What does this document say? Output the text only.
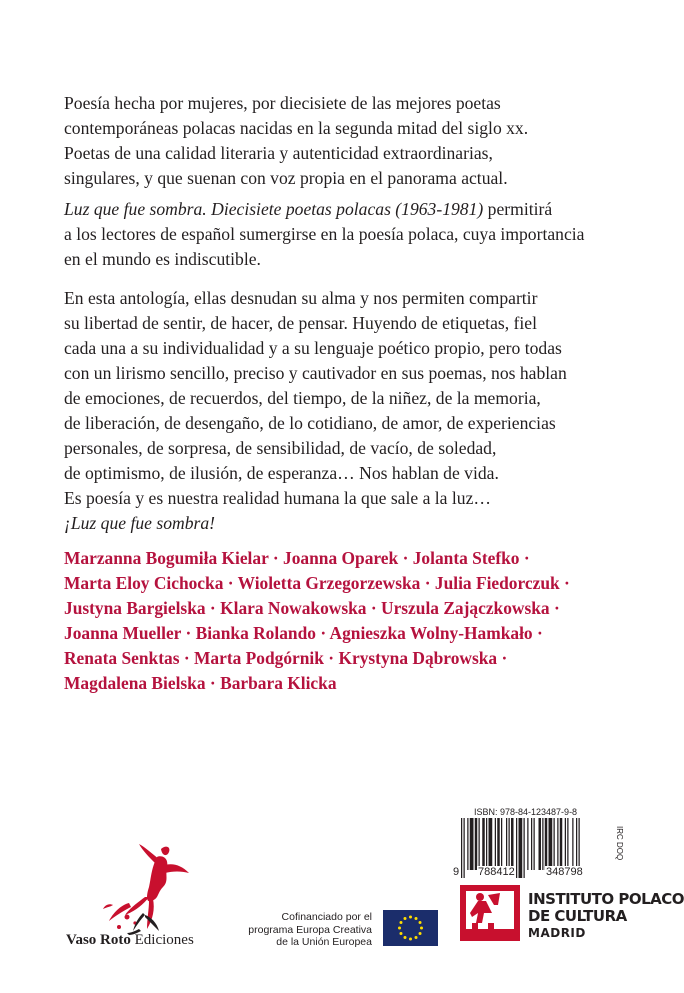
Poesía hecha por mujeres, por diecisiete de las mejores poetas
contemporáneas polacas nacidas en la segunda mitad del siglo xx.
Poetas de una calidad literaria y autenticidad extraordinarias,
singulares, y que suenan con voz propia en el panorama actual.

Luz que fue sombra. Diecisiete poetas polacas (1963-1981) permitirá
a los lectores de español sumergirse en la poesía polaca, cuya importancia
en el mundo es indiscutible.

En esta antología, ellas desnudan su alma y nos permiten compartir
su libertad de sentir, de hacer, de pensar. Huyendo de etiquetas, fiel
cada una a su individualidad y a su lenguaje poético propio, pero todas
con un lirismo sencillo, preciso y cautivador en sus poemas, nos hablan
de emociones, de recuerdos, del tiempo, de la niñez, de la memoria,
de liberación, de desengaño, de lo cotidiano, de amor, de experiencias
personales, de sorpresa, de sensibilidad, de vacío, de soledad,
de optimismo, de ilusión, de esperanza… Nos hablan de vida.
Es poesía y es nuestra realidad humana la que sale a la luz…
¡Luz que fue sombra!

Marzanna Bogumiła Kielar · Joanna Oparek · Jolanta Stefko ·
Marta Eloy Cichocka · Wioletta Grzegorzewska · Julia Fiedorczuk ·
Justyna Bargielska · Klara Nowakowska · Urszula Zajączkowska ·
Joanna Mueller · Bianka Rolando · Agnieszka Wolny-Hamkało ·
Renata Senktas · Marta Podgórnik · Krystyna Dąbrowska ·
Magdalena Bielska · Barbara Klicka
ISBN: 978-84-123487-9-8
IRC DOQ
9 788412	348798
Vaso Roto Ediciones
Cofinanciado por el
programa Europa Creativa
de la Unión Europea
INSTITUTO POLACO
DE CULTURA
MADRID
